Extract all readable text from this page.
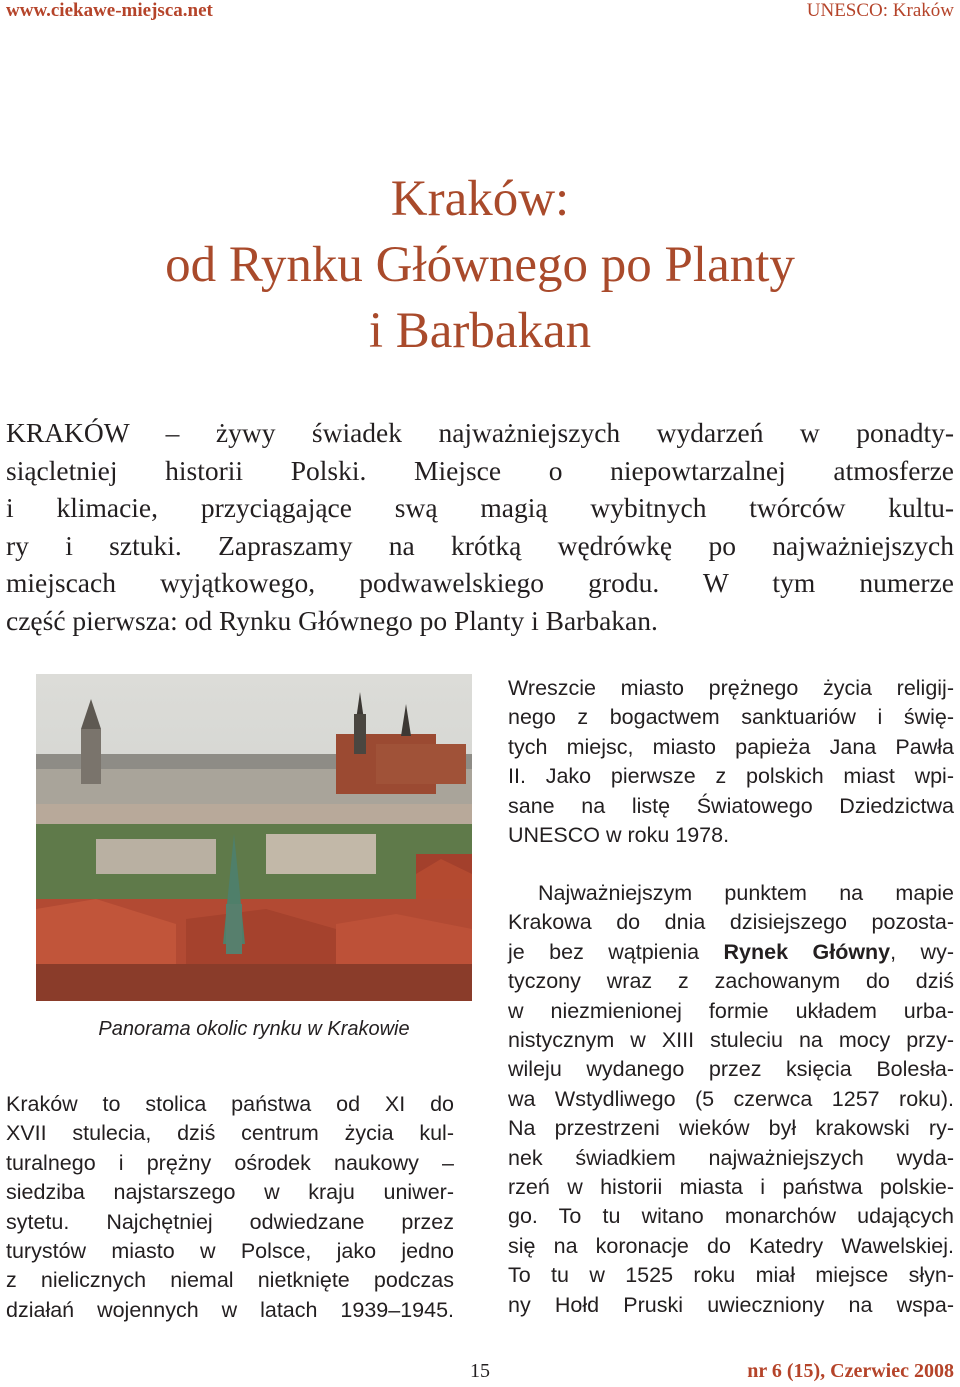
www.ciekawe-miejsca.net	UNESCO: Kraków
Kraków:
od Rynku Głównego po Planty
i Barbakan
KRAKÓW – żywy świadek najważniejszych wydarzeń w ponadty-
siącletniej historii Polski. Miejsce o niepowtarzalnej atmosferze
i klimacie, przyciągające swą magią wybitnych twórców kultu-
ry i sztuki. Zapraszamy na krótką wędrówkę po najważniejszych
miejscach wyjątkowego, podwawelskiego grodu. W tym numerze
część pierwsza: od Rynku Głównego po Planty i Barbakan.
Panorama okolic rynku w Krakowie
Kraków to stolica państwa od XI do
XVII stulecia, dziś centrum życia kul-
turalnego i prężny ośrodek naukowy –
siedziba najstarszego w kraju uniwer-
sytetu. Najchętniej odwiedzane przez
turystów miasto w Polsce, jako jedno
z nielicznych niemal nietknięte podczas
działań wojennych w latach 1939–1945.
Wreszcie miasto prężnego życia religij-
nego z bogactwem sanktuariów i świę-
tych miejsc, miasto papieża Jana Pawła
II. Jako pierwsze z polskich miast wpi-
sane na listę Światowego Dziedzictwa
UNESCO w roku 1978.
Najważniejszym punktem na mapie
Krakowa do dnia dzisiejszego pozosta-
je bez wątpienia Rynek Główny, wy-
tyczony wraz z zachowanym do dziś
w niezmienionej formie układem urba-
nistycznym w XIII stuleciu na mocy przy-
wileju wydanego przez księcia Bolesła-
wa Wstydliwego (5 czerwca 1257 roku).
Na przestrzeni wieków był krakowski ry-
nek świadkiem najważniejszych wyda-
rzeń w historii miasta i państwa polskie-
go. To tu witano monarchów udających
się na koronacje do Katedry Wawelskiej.
To tu w 1525 roku miał miejsce słyn-
ny Hołd Pruski uwieczniony na wspa-
15	nr 6 (15), Czerwiec 2008
